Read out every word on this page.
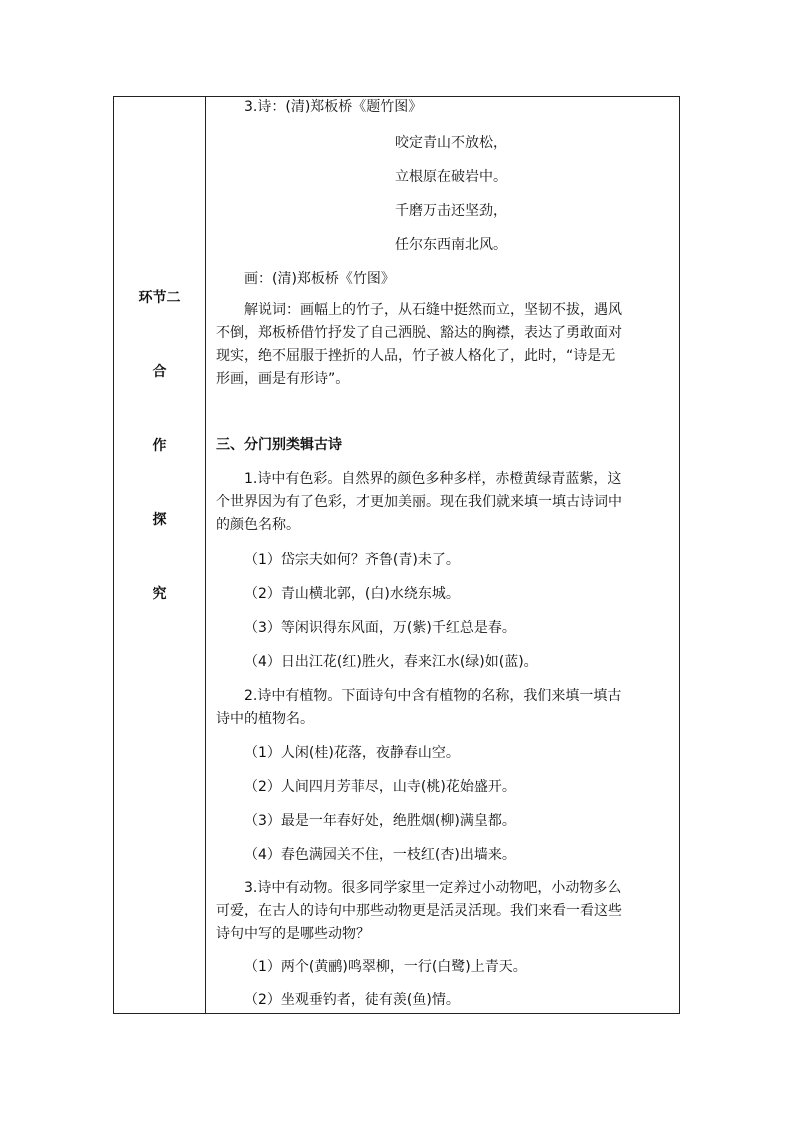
环节二
合
作
探
究
3.诗：(清)郑板桥《题竹图》
咬定青山不放松，
立根原在破岩中。
千磨万击还坚劲，
任尔东西南北风。
画：(清)郑板桥《竹图》
解说词：画幅上的竹子，从石缝中挺然而立，坚韧不拔，遇风
不倒，郑板桥借竹抒发了自己洒脱、豁达的胸襟，表达了勇敢面对
现实，绝不屈服于挫折的人品，竹子被人格化了，此时，“诗是无
形画，画是有形诗”。
三、分门别类辑古诗
1.诗中有色彩。自然界的颜色多种多样，赤橙黄绿青蓝紫，这
个世界因为有了色彩，才更加美丽。现在我们就来填一填古诗词中
的颜色名称。
（1）岱宗夫如何？齐鲁(青)未了。
（2）青山横北郭，(白)水绕东城。
（3）等闲识得东风面，万(紫)千红总是春。
（4）日出江花(红)胜火，春来江水(绿)如(蓝)。
2.诗中有植物。下面诗句中含有植物的名称，我们来填一填古
诗中的植物名。
（1）人闲(桂)花落，夜静春山空。
（2）人间四月芳菲尽，山寺(桃)花始盛开。
（3）最是一年春好处，绝胜烟(柳)满皇都。
（4）春色满园关不住，一枝红(杏)出墙来。
3.诗中有动物。很多同学家里一定养过小动物吧，小动物多么
可爱，在古人的诗句中那些动物更是活灵活现。我们来看一看这些
诗句中写的是哪些动物？
（1）两个(黄鹂)鸣翠柳，一行(白鹭)上青天。
（2）坐观垂钓者，徒有羡(鱼)情。
